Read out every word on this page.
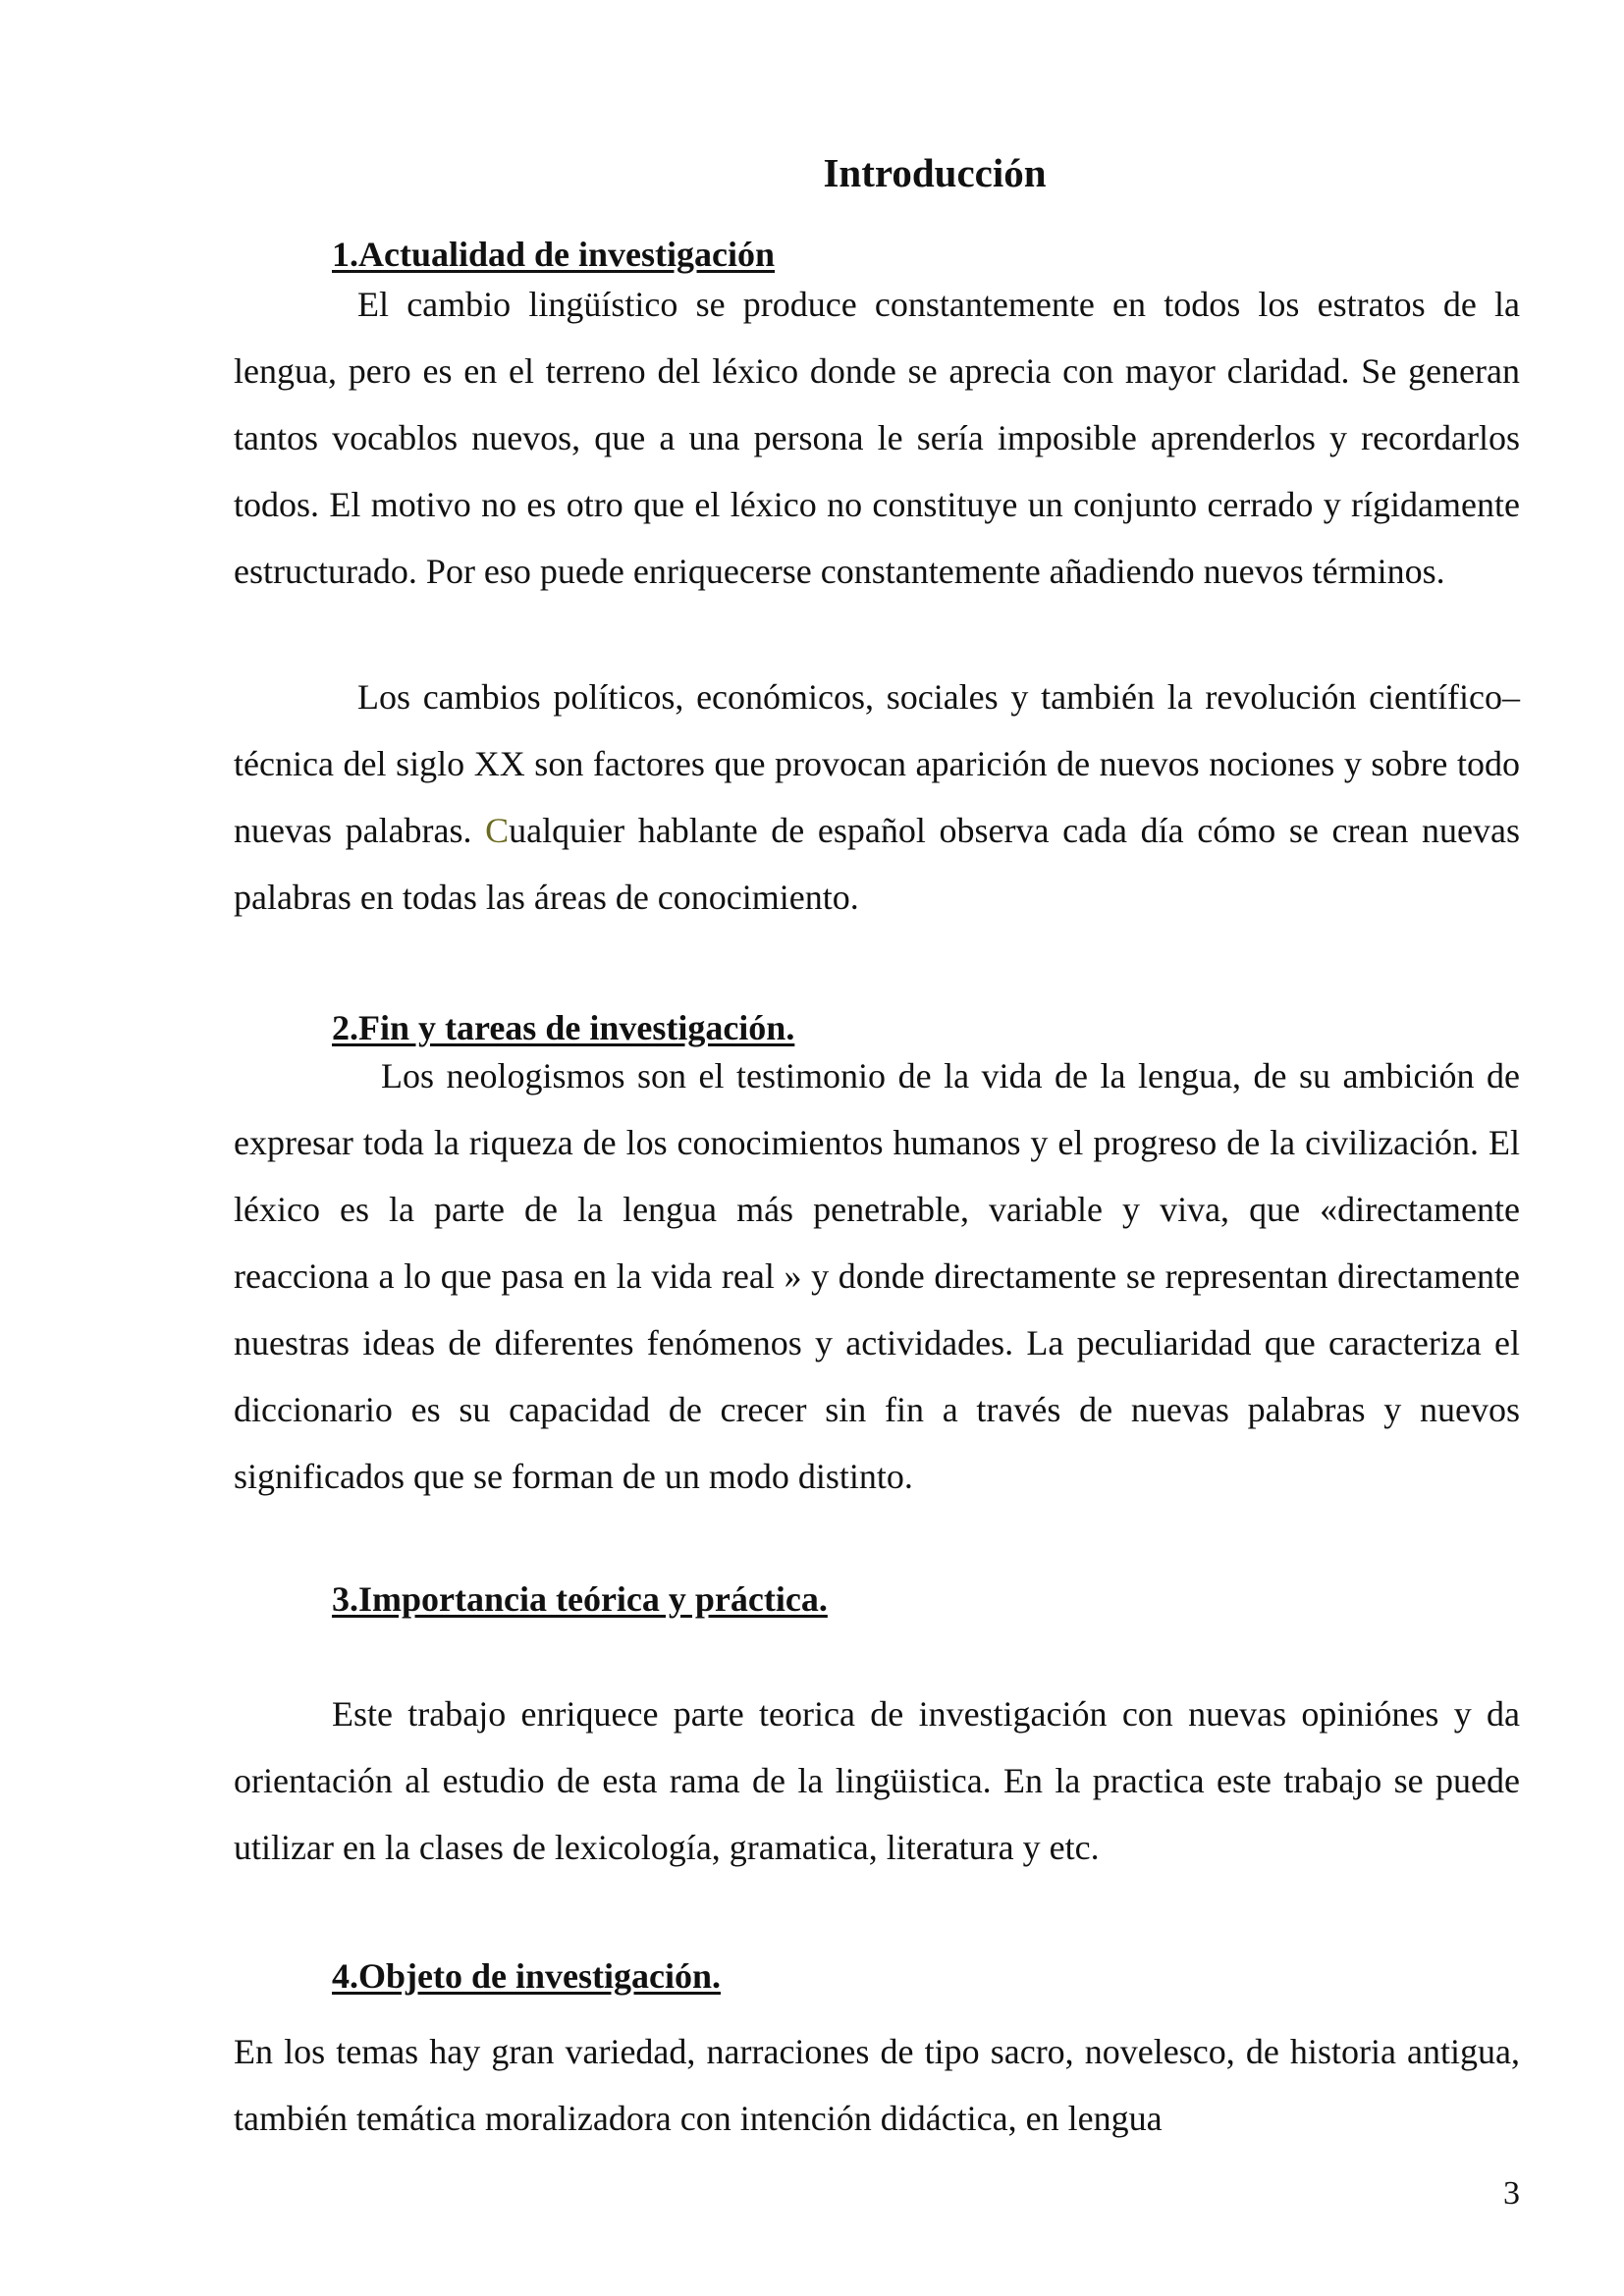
Introducción
1.Actualidad de investigación

El cambio lingüístico se produce constantemente en todos los estratos de la lengua, pero es en el terreno del léxico donde se aprecia con mayor claridad. Se generan tantos vocablos nuevos, que a una persona le sería imposible aprenderlos y recordarlos todos. El motivo no es otro que el léxico no constituye un conjunto cerrado y rígidamente estructurado. Por eso puede enriquecerse constantemente añadiendo nuevos términos.

Los cambios políticos, económicos, sociales y también la revolución científico–técnica del siglo XX son factores que provocan aparición de nuevos nociones y sobre todo nuevas palabras. Cualquier hablante de español observa cada día cómo se crean nuevas palabras en todas las áreas de conocimiento.

2.Fin y tareas de investigación.

Los neologismos son el testimonio de la vida de la lengua, de su ambición de expresar toda la riqueza de los conocimientos humanos y el progreso de la civilización. El léxico es la parte de la lengua más penetrable, variable y viva, que «directamente reacciona a lo que pasa en la vida real » y donde directamente se representan directamente nuestras ideas de diferentes fenómenos y actividades. La peculiaridad que caracteriza el diccionario es su capacidad de crecer sin fin a través de nuevas palabras y nuevos significados que se forman de un modo distinto.

3.Importancia teórica y práctica.

Este trabajo enriquece parte teorica de investigación con nuevas opiniónes y da orientación al estudio de esta rama de la lingüistica. En la practica este trabajo se puede utilizar en la clases de lexicología, gramatica, literatura y etc.

4.Objeto de investigación.

En los temas hay gran variedad, narraciones de tipo sacro, novelesco, de historia antigua, también temática moralizadora con intención didáctica, en lengua

3
